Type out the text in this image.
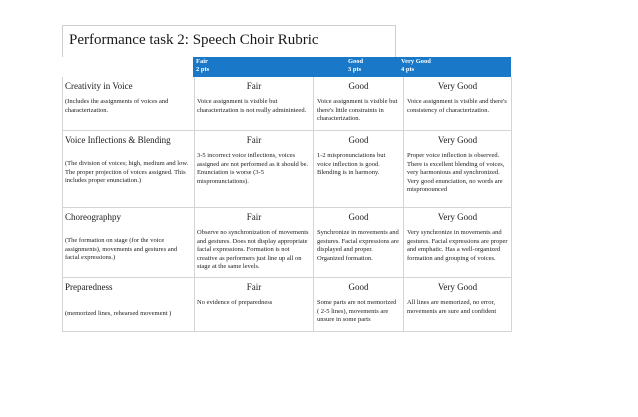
Performance task 2: Speech Choir Rubric
Fair
2 pts
Good
3 pts
Very Good
4 pts
Creativity in Voice
(Includes the assignments of voices and characterization.
Fair
Voice assignment is visible but characterization is not really admininteed.
Good
Voice assignment is visible but there's little constraints in characterization.
Very Good
Voice assignment is visible and there's consistency of characterization.
Voice Inflections & Blending
(The division of voices; high, medium and low. The proper projection of voices assigned. This includes proper enunciation.)
Fair
3-5 incorrect voice inflections, voices assigned are not performed as it should be. Enunciation is worse (3-5 mispronunciations).
Good
1-2 mispronunciations but voice inflection is good. Blending is in harmony.
Very Good
Proper voice inflection is observed. There is excellent blending of voices, very harmonious and synchronized. Very good enunciation, no words are mispronounced
Choreographpy
(The formation on stage (for the voice assignments), movements and gestures and facial expressions.)
Fair
Observe no synchronization of movements and gestures. Does not display appropriate facial expressions. Formation is not creative as performers just line up all on stage at the same levels.
Good
Synchronize in movements and gestures. Facial expressions are displayed and proper. Organized formation.
Very Good
Very synchronize in movements and gestures. Facial expressions are proper and emphatic. Has a well-organized formation and grouping of voices.
Preparedness
(memorized lines, rehearsed movement )
Fair
No evidence of preparedness
Good
Some parts are not memorized ( 2-5 lines), movements are unsure in some parts
Very Good
All lines are memorized, no error, movements are sure and confident
